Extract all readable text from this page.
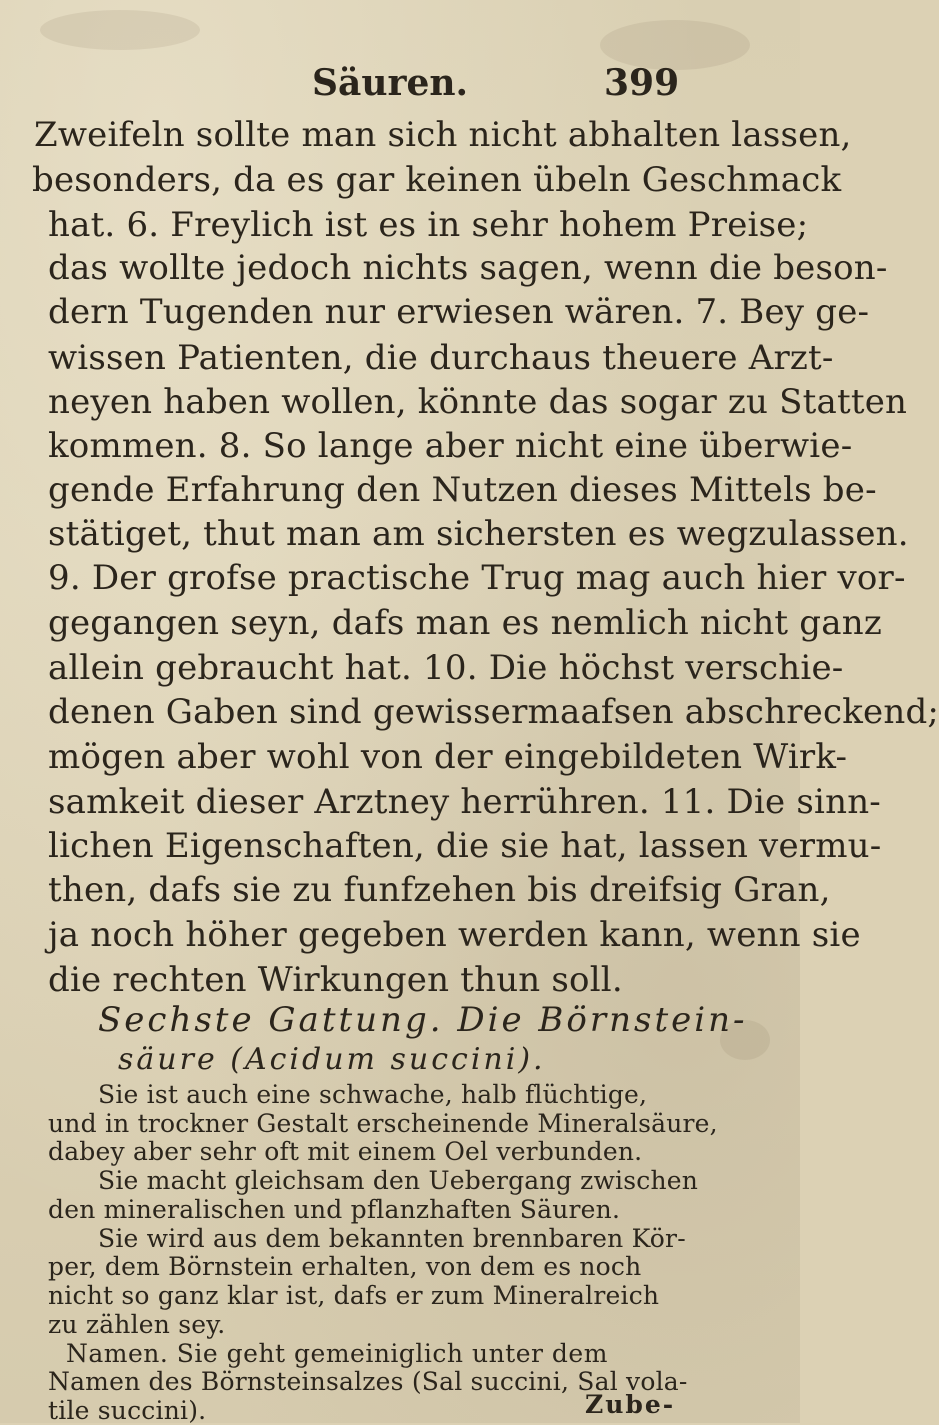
Säuren.	399
Zweifeln sollte man sich nicht abhalten lassen,
besonders, da es gar keinen übeln Geschmack
hat. 6. Freylich ist es in sehr hohem Preise;
das wollte jedoch nichts sagen, wenn die beson-
dern Tugenden nur erwiesen wären. 7. Bey ge-
wissen Patienten, die durchaus theuere Arzt-
neyen haben wollen, könnte das sogar zu Statten
kommen. 8. So lange aber nicht eine überwie-
gende Erfahrung den Nutzen dieses Mittels be-
stätiget, thut man am sichersten es wegzulassen.
9. Der grofse practische Trug mag auch hier vor-
gegangen seyn, dafs man es nemlich nicht ganz
allein gebraucht hat. 10. Die höchst verschie-
denen Gaben sind gewissermaafsen abschreckend;
mögen aber wohl von der eingebildeten Wirk-
samkeit dieser Arztney herrühren. 11. Die sinn-
lichen Eigenschaften, die sie hat, lassen vermu-
then, dafs sie zu funfzehen bis dreifsig Gran,
ja noch höher gegeben werden kann, wenn sie
die rechten Wirkungen thun soll.
Sechste Gattung. Die Börnstein-
säure (Acidum succini).
Zube-
Sie ist auch eine schwache, halb flüchtige,
und in trockner Gestalt erscheinende Mineralsäure,
dabey aber sehr oft mit einem Oel verbunden.
Sie macht gleichsam den Uebergang zwischen
den mineralischen und pflanzhaften Säuren.
Sie wird aus dem bekannten brennbaren Kör-
per, dem Börnstein erhalten, von dem es noch
nicht so ganz klar ist, dafs er zum Mineralreich
zu zählen sey.
Namen. Sie geht gemeiniglich unter dem
Namen des Börnsteinsalzes (Sal succini, Sal vola-
tile succini).
